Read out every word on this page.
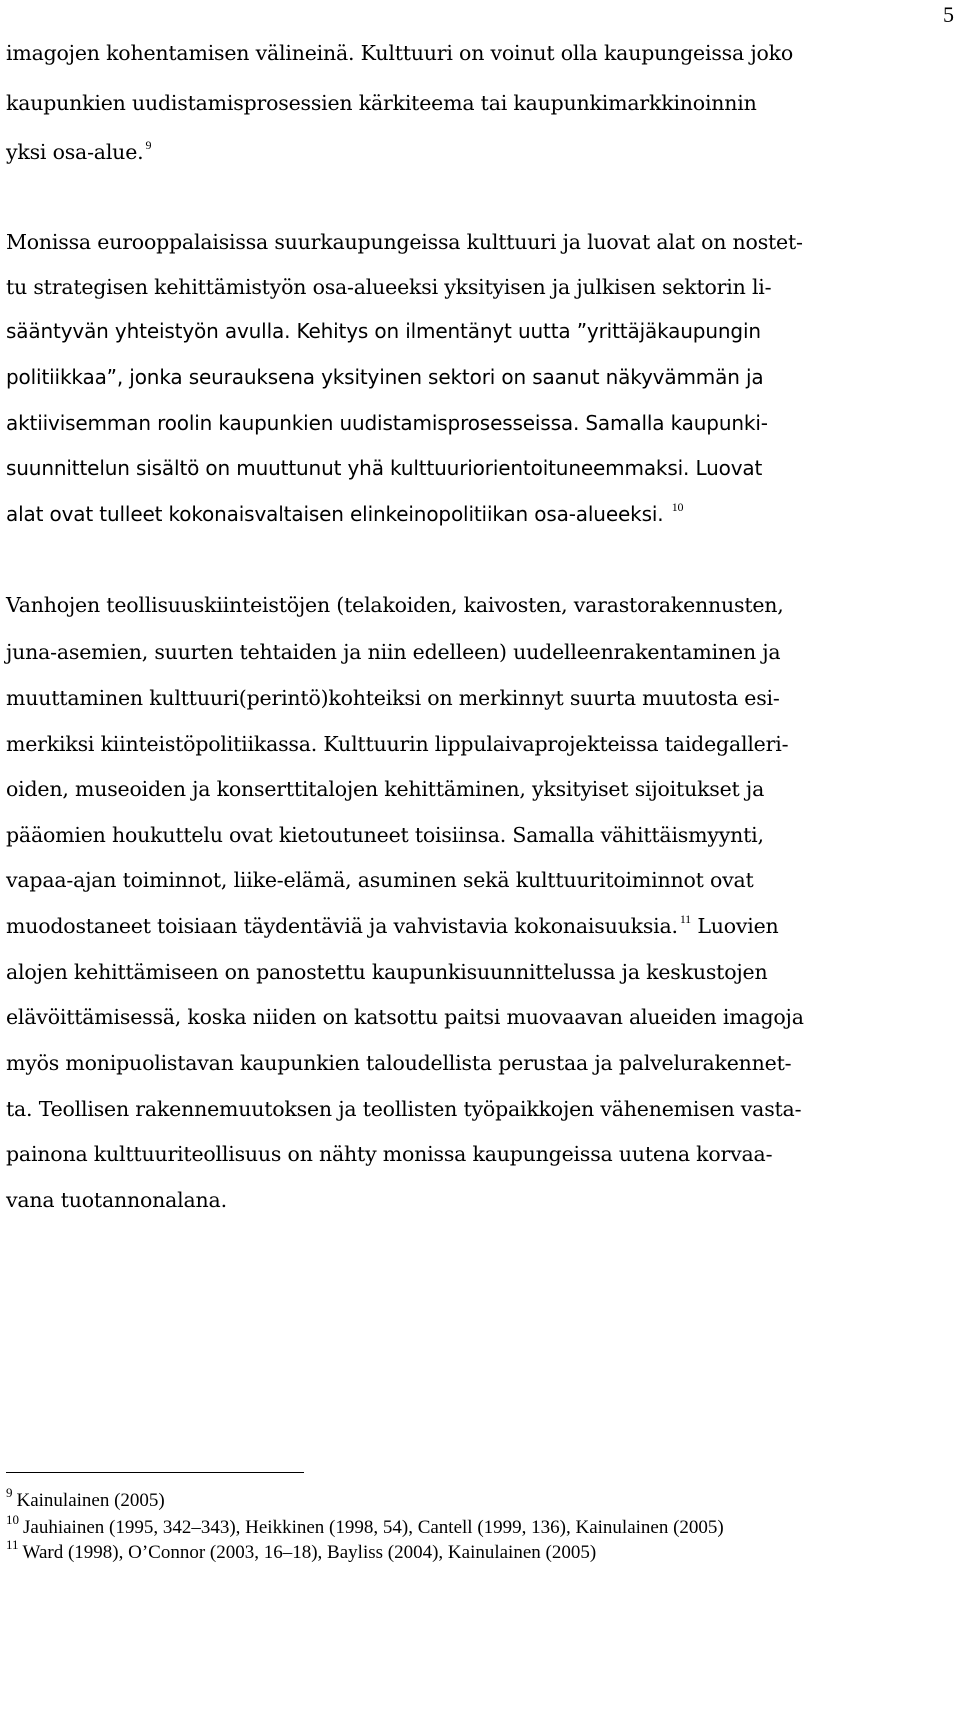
5
imagojen kohentamisen välineinä. Kulttuuri on voinut olla kaupungeissa joko
kaupunkien uudistamisprosessien kärkiteema tai kaupunkimarkkinoinnin
yksi osa-alue. $^9$
Monissa eurooppalaisissa suurkaupungeissa kulttuuri ja luovat alat on nostet-
tu strategisen kehittämistyön osa-alueeksi yksityisen ja julkisen sektorin li-
sääntyvän yhteistyön avulla. Kehitys on ilmentänyt uutta ”yrittäjäkaupungin
politiikkaa”, jonka seurauksena yksityinen sektori on saanut näkyvämmän ja
aktiivisemman roolin kaupunkien uudistamisprosesseissa. Samalla kaupunki-
suunnittelun sisältö on muuttunut yhä kulttuuriorientoituneemmaksi. Luovat
alat ovat tulleet kokonaisvaltaisen elinkeinopolitiikan osa-alueeksi. $^{10}$
Vanhojen teollisuuskiinteistöjen (telakoiden, kaivosten, varastorakennusten,
juna-asemien, suurten tehtaiden ja niin edelleen) uudelleenrakentaminen ja
muuttaminen kulttuuri(perintö)kohteiksi on merkinnyt suurta muutosta esi-
merkiksi kiinteistöpolitiikassa. Kulttuurin lippulaivaprojekteissa taidegalleri-
oiden, museoiden ja konserttitalojen kehittäminen, yksityiset sijoitukset ja
pääomien houkuttelu ovat kietoutuneet toisiinsa. Samalla vähittäismyynti,
vapaa-ajan toiminnot, liike-elämä, asuminen sekä kulttuuritoiminnot ovat
muodostaneet toisiaan täydentäviä ja vahvistavia kokonaisuuksia. $^{11}$ Luovien
alojen kehittämiseen on panostettu kaupunkisuunnittelussa ja keskustojen
elävöittämisessä, koska niiden on katsottu paitsi muovaavan alueiden imagoja
myös monipuolistavan kaupunkien taloudellista perustaa ja palvelurakennet-
ta. Teollisen rakennemuutoksen ja teollisten työpaikkojen vähenemisen vasta-
painona kulttuuriteollisuus on nähty monissa kaupungeissa uutena korvaa-
vana tuotannonalana.
$^9$ Kainulainen (2005)
$^{10}$ Jauhiainen (1995, 342–343), Heikkinen (1998, 54), Cantell (1999, 136), Kainulainen (2005)
$^{11}$ Ward (1998), O’Connor (2003, 16–18), Bayliss (2004), Kainulainen (2005)
